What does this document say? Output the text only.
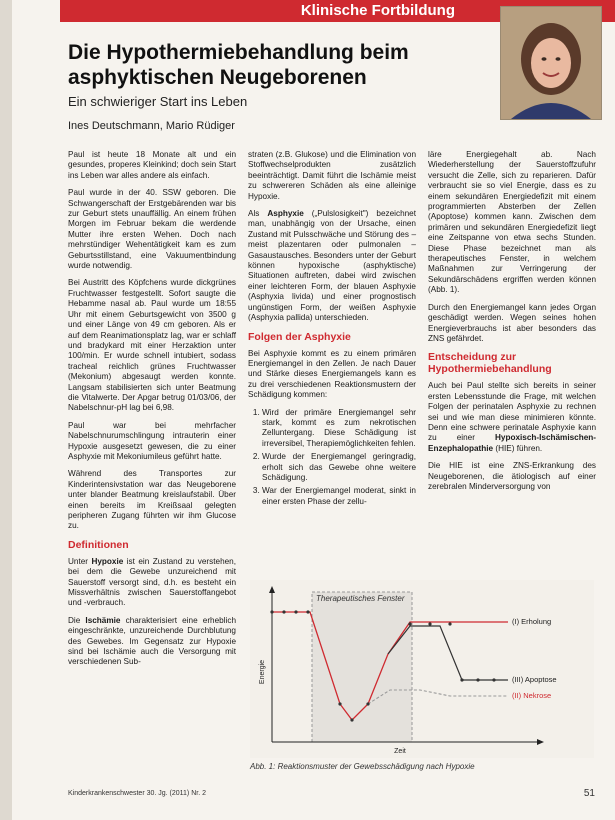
Klinische Fortbildung
Die Hypothermiebehandlung beim asphyktischen Neugeborenen
Ein schwieriger Start ins Leben
Ines Deutschmann, Mario Rüdiger

Paul ist heute 18 Monate alt und ein gesundes, properes Kleinkind; doch sein Start ins Leben war alles andere als einfach.

Paul wurde in der 40. SSW geboren. Die Schwangerschaft der Erstgebärenden war bis zur Geburt stets unauffällig. An einem frühen Morgen im Februar bekam die werdende Mutter ihre ersten Wehen. Doch nach mehrstündiger Wehentätigkeit kam es zum Geburtsstillstand, eine Vakuumentbindung wurde notwendig.

Bei Austritt des Köpfchens wurde dickgrünes Fruchtwasser festgestellt. Sofort saugte die Hebamme nasal ab. Paul wurde um 18:55 Uhr mit einem Geburtsgewicht von 3500 g und einer Länge von 49 cm geboren. Als er auf dem Reanimationsplatz lag, war er schlaff und bradykard mit einer Herzaktion unter 100/min. Er wurde schnell intubiert, sodass tracheal reichlich grünes Fruchtwasser (Mekonium) abgesaugt werden konnte. Langsam stabilisierten sich unter Beatmung die Vitalwerte. Der Apgar betrug 01/03/06, der Nabelschnur-pH lag bei 6,98.

Paul war bei mehrfacher Nabelschnurumschlingung intrauterin einer Hypoxie ausgesetzt gewesen, die zu einer Asphyxie mit Mekoniumileus geführt hatte.

Während des Transportes zur Kinderintensivstation war das Neugeborene unter blander Beatmung kreislaufstabil. Über einen bereits im Kreißsaal gelegten peripheren Zugang führten wir ihm Glucose zu.

Definitionen

Unter Hypoxie ist ein Zustand zu verstehen, bei dem die Gewebe unzureichend mit Sauerstoff versorgt sind, d.h. es besteht ein Missverhältnis zwischen Sauerstoffangebot und -verbrauch.

Die Ischämie charakterisiert eine erheblich eingeschränkte, unzureichende Durchblutung des Gewebes. Im Gegensatz zur Hypoxie sind bei Ischämie auch die Versorgung mit verschiedenen Sub-

straten (z.B. Glukose) und die Elimination von Stoffwechselprodukten zusätzlich beeinträchtigt. Damit führt die Ischämie meist zu schwereren Schäden als eine alleinige Hypoxie.

Als Asphyxie („Pulslosigkeit") bezeichnet man, unabhängig von der Ursache, einen Zustand mit Pulsschwäche und Störung des – meist plazentaren oder pulmonalen – Gasaustausches. Besonders unter der Geburt können hypoxische (asphyktische) Situationen auftreten, dabei wird zwischen einer leichteren Form, der blauen Asphyxie (Asphyxia livida) und einer prognostisch ungünstigen Form, der weißen Asphyxie (Asphyxia pallida) unterschieden.

Folgen der Asphyxie

Bei Asphyxie kommt es zu einem primären Energiemangel in den Zellen. Je nach Dauer und Stärke dieses Energiemangels kann es zu drei verschiedenen Reaktionsmustern der Schädigung kommen:

1. Wird der primäre Energiemangel sehr stark, kommt es zum nekrotischen Zelluntergang. Diese Schädigung ist irreversibel, Therapiemöglichkeiten fehlen.
2. Wurde der Energiemangel geringradig, erholt sich das Gewebe ohne weitere Schädigung.
3. War der Energiemangel moderat, sinkt in einer ersten Phase der zellu-

läre Energiegehalt ab. Nach Wiederherstellung der Sauerstoffzufuhr versucht die Zelle, sich zu reparieren. Dafür verbraucht sie so viel Energie, dass es zu einem sekundären Energiedefizit mit einem programmierten Absterben der Zellen (Apoptose) kommen kann. Zwischen dem primären und sekundären Energiedefizit liegt eine Zeitspanne von etwa sechs Stunden. Diese Phase bezeichnet man als therapeutisches Fenster, in welchem Maßnahmen zur Verringerung der Sekundärschädens ergriffen werden können (Abb. 1).

Durch den Energiemangel kann jedes Organ geschädigt werden. Wegen seines hohen Energieverbrauchs ist aber besonders das ZNS gefährdet.

Entscheidung zur Hypothermiebehandlung

Auch bei Paul stellte sich bereits in seiner ersten Lebensstunde die Frage, mit welchen Folgen der perinatalen Asphyxie zu rechnen sei und wie man diese minimieren könnte. Denn eine schwere perinatale Asphyxie kann zu einer Hypoxisch-Ischämischen-Enzephalopathie (HIE) führen.

Die HIE ist eine ZNS-Erkrankung des Neugeborenen, die ätiologisch auf einer zerebralen Minderversorgung von

Therapeutisches Fenster
Energie
Zeit
(I) Erholung
(III) Apoptose
(II) Nekrose
Abb. 1: Reaktionsmuster der Gewebsschädigung nach Hypoxie
Kinderkrankenschwester 30. Jg. (2011) Nr. 2	51
